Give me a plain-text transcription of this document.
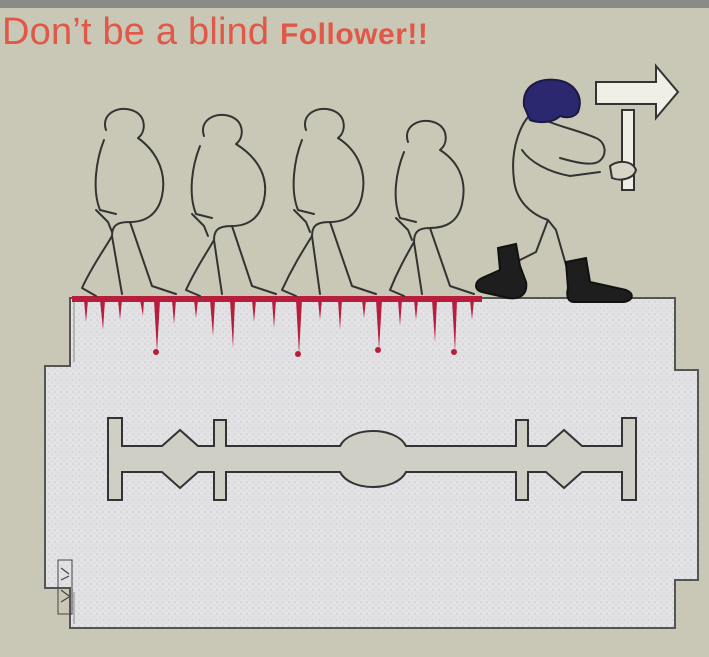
Don’t be a blind Follower!!
